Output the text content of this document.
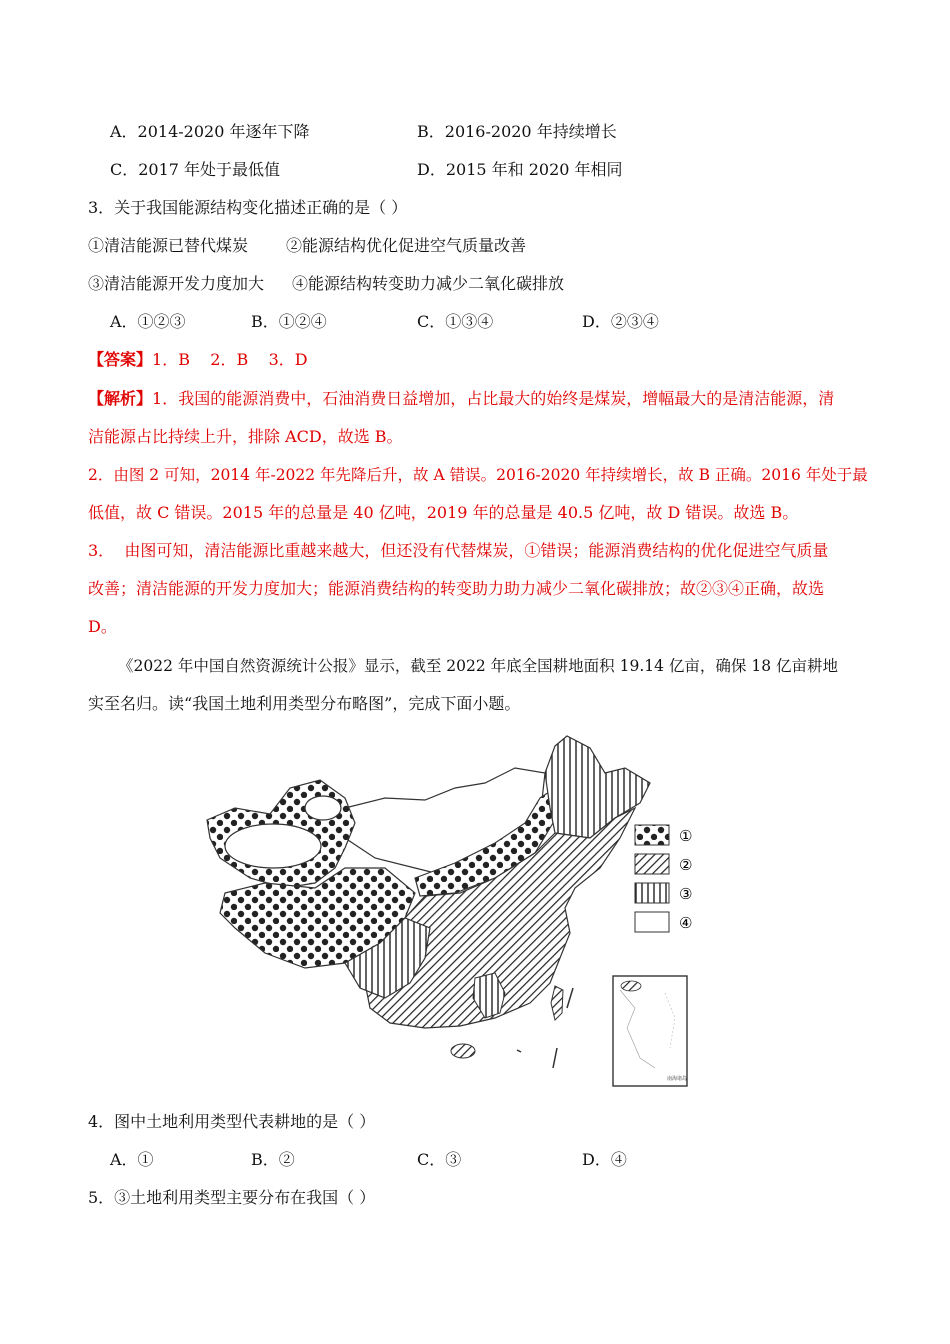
A．2014-2020 年逐年下降	B．2016-2020 年持续增长
C．2017 年处于最低值	D．2015 年和 2020 年相同
3．关于我国能源结构变化描述正确的是（ ）
①清洁能源已替代煤炭 ②能源结构优化促进空气质量改善
③清洁能源开发力度加大 ④能源结构转变助力减少二氧化碳排放
A．①②③	B．①②④	C．①③④	D．②③④
【答案】1．B    2．B    3．D
【解析】1．我国的能源消费中，石油消费日益增加，占比最大的始终是煤炭，增幅最大的是清洁能源，清
洁能源占比持续上升，排除 ACD，故选 B。
2．由图 2 可知，2014 年-2022 年先降后升，故 A 错误。2016-2020 年持续增长，故 B 正确。2016 年处于最
低值，故 C 错误。2015 年的总量是 40 亿吨，2019 年的总量是 40.5 亿吨，故 D 错误。故选 B。
3．  由图可知，清洁能源比重越来越大，但还没有代替煤炭，①错误；能源消费结构的优化促进空气质量
改善；清洁能源的开发力度加大；能源消费结构的转变助力助力减少二氧化碳排放；故②③④正确，故选
D。
《2022 年中国自然资源统计公报》显示，截至 2022 年底全国耕地面积 19.14 亿亩，确保 18 亿亩耕地
实至名归。读“我国土地利用类型分布略图”，完成下面小题。
①
②
③
④
南海诸岛
4．图中土地利用类型代表耕地的是（ ）
A．①	B．②	C．③	D．④
5．③土地利用类型主要分布在我国（ ）
